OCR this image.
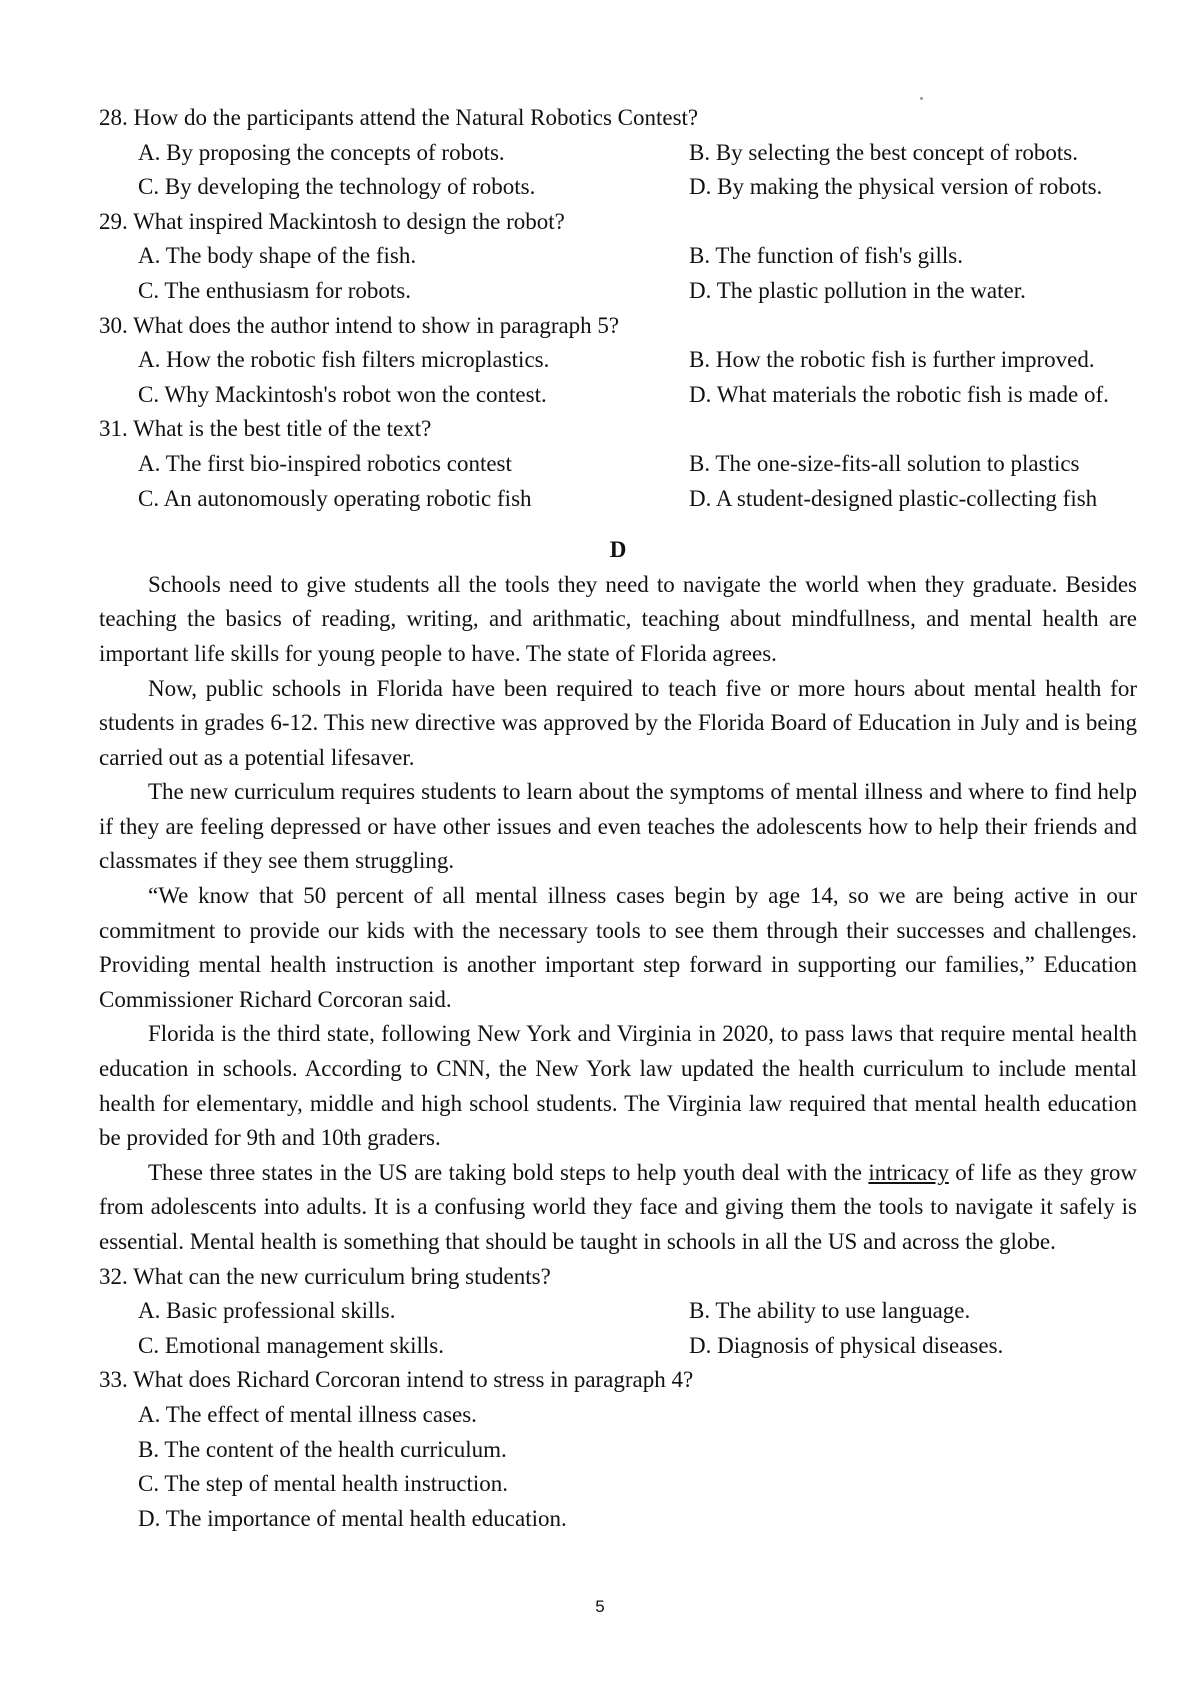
28. How do the participants attend the Natural Robotics Contest?

A. By proposing the concepts of robots.	B. By selecting the best concept of robots.
C. By developing the technology of robots.	D. By making the physical version of robots.

29. What inspired Mackintosh to design the robot?

A. The body shape of the fish.	B. The function of fish's gills.
C. The enthusiasm for robots.	D. The plastic pollution in the water.

30. What does the author intend to show in paragraph 5?

A. How the robotic fish filters microplastics.	B. How the robotic fish is further improved.
C. Why Mackintosh's robot won the contest.	D. What materials the robotic fish is made of.

31. What is the best title of the text?

A. The first bio-inspired robotics contest	B. The one-size-fits-all solution to plastics
C. An autonomously operating robotic fish	D. A student-designed plastic-collecting fish

D

Schools need to give students all the tools they need to navigate the world when they graduate. Besides teaching the basics of reading, writing, and arithmatic, teaching about mindfullness, and mental health are important life skills for young people to have. The state of Florida agrees.

Now, public schools in Florida have been required to teach five or more hours about mental health for students in grades 6-12. This new directive was approved by the Florida Board of Education in July and is being carried out as a potential lifesaver.

The new curriculum requires students to learn about the symptoms of mental illness and where to find help if they are feeling depressed or have other issues and even teaches the adolescents how to help their friends and classmates if they see them struggling.

“We know that 50 percent of all mental illness cases begin by age 14, so we are being active in our commitment to provide our kids with the necessary tools to see them through their successes and challenges. Providing mental health instruction is another important step forward in supporting our families,” Education Commissioner Richard Corcoran said.

Florida is the third state, following New York and Virginia in 2020, to pass laws that require mental health education in schools. According to CNN, the New York law updated the health curriculum to include mental health for elementary, middle and high school students. The Virginia law required that mental health education be provided for 9th and 10th graders.

These three states in the US are taking bold steps to help youth deal with the intricacy of life as they grow from adolescents into adults. It is a confusing world they face and giving them the tools to navigate it safely is essential. Mental health is something that should be taught in schools in all the US and across the globe.

32. What can the new curriculum bring students?

A. Basic professional skills.	B. The ability to use language.
C. Emotional management skills.	D. Diagnosis of physical diseases.

33. What does Richard Corcoran intend to stress in paragraph 4?

A. The effect of mental illness cases.

B. The content of the health curriculum.

C. The step of mental health instruction.

D. The importance of mental health education.

5
